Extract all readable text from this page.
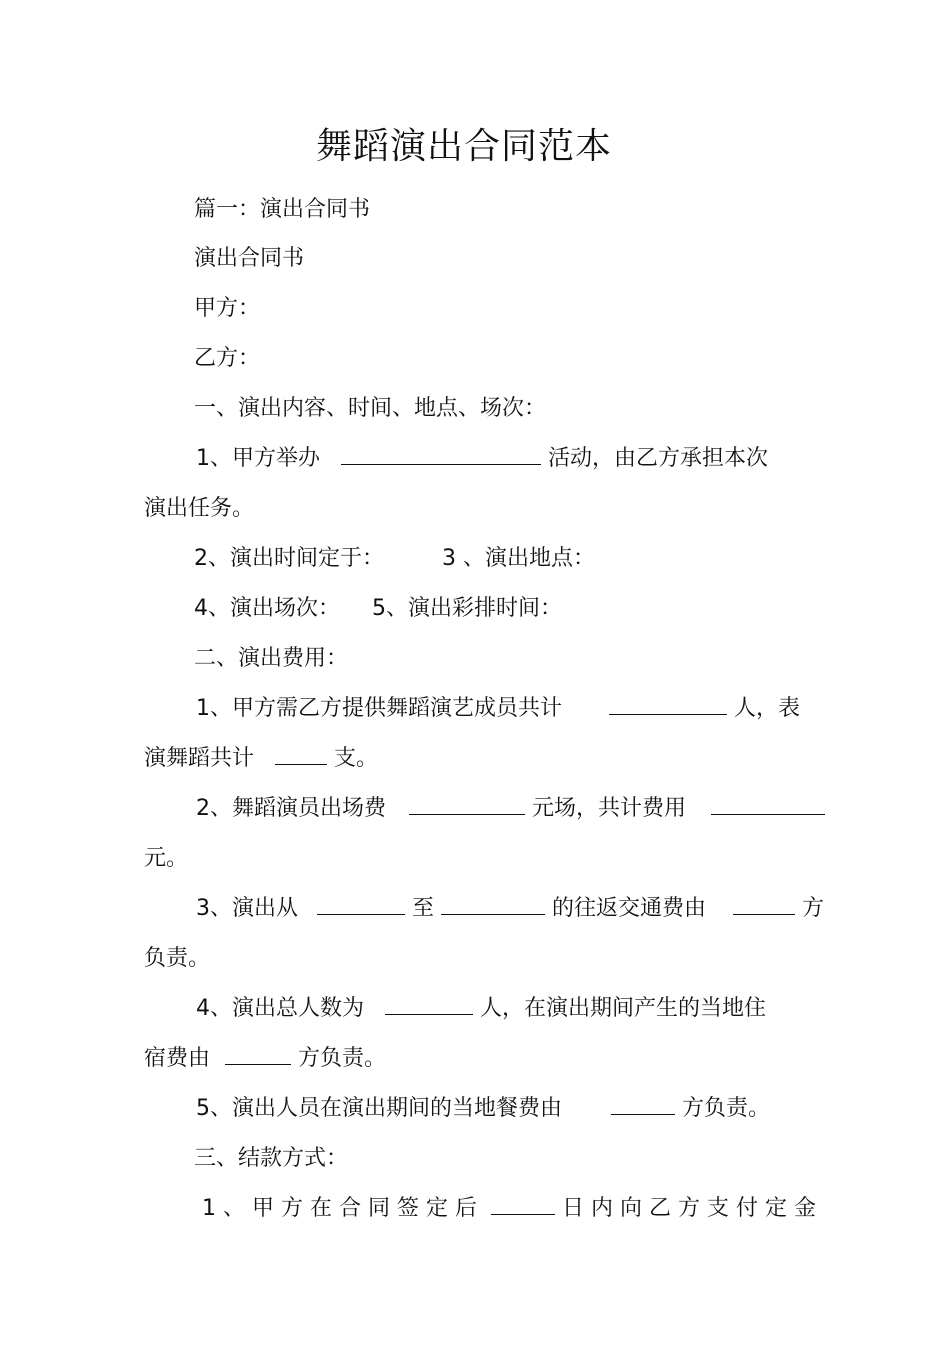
舞蹈演出合同范本
篇一：演出合同书
演出合同书
甲方：
乙方：
一、演出内容、时间、地点、场次：
1、甲方举办	活动，由乙方承担本次
演出任务。
2、演出时间定于：	3 、演出地点：
4、演出场次： 5、演出彩排时间：
二、演出费用：
1、甲方需乙方提供舞蹈演艺成员共计	人，表
演舞蹈共计	支。
2、舞蹈演员出场费	元场，共计费用
元。
3、演出从	至	的往返交通费由	方
负责。
4、演出总人数为	人，在演出期间产生的当地住
宿费由	方负责。
5、演出人员在演出期间的当地餐费由	方负责。
三、结款方式：
1、甲方在合同签定后	日内向乙方支付定金
